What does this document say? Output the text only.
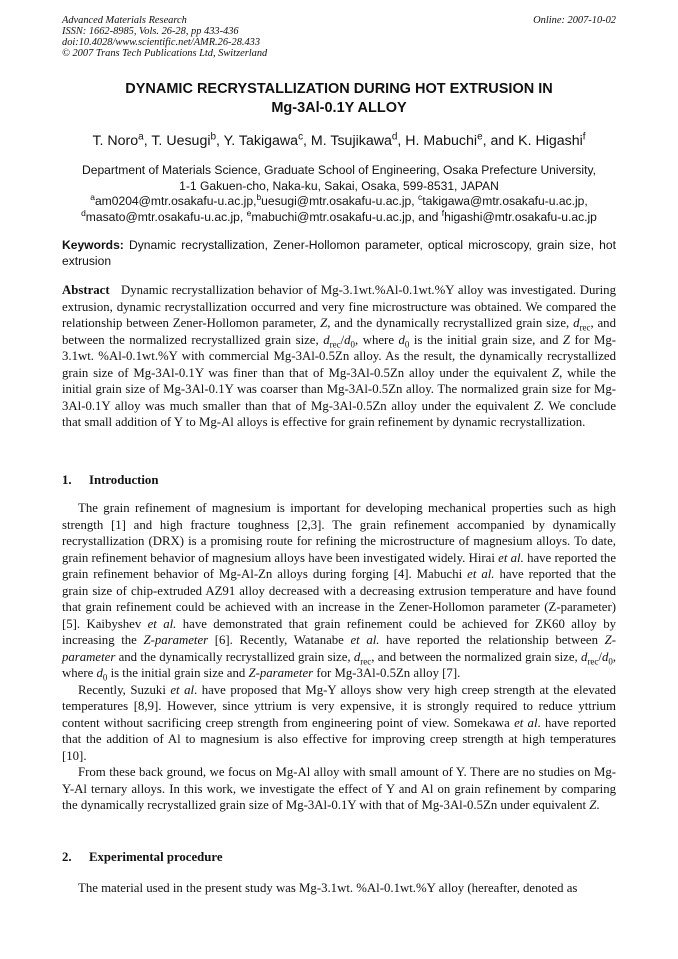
Advanced Materials Research
ISSN: 1662-8985, Vols. 26-28, pp 433-436
doi:10.4028/www.scientific.net/AMR.26-28.433
© 2007 Trans Tech Publications Ltd, Switzerland
Online: 2007-10-02
DYNAMIC RECRYSTALLIZATION DURING HOT EXTRUSION IN
Mg-3Al-0.1Y ALLOY
T. Noro$^a$, T. Uesugi$^b$, Y. Takigawa$^c$, M. Tsujikawa$^d$, H. Mabuchi$^e$, and K. Higashi$^f$
Department of Materials Science, Graduate School of Engineering, Osaka Prefecture University,
1-1 Gakuen-cho, Naka-ku, Sakai, Osaka, 599-8531, JAPAN
$^a$am0204@mtr.osakafu-u.ac.jp,$^b$uesugi@mtr.osakafu-u.ac.jp, $^c$takigawa@mtr.osakafu-u.ac.jp,
$^d$masato@mtr.osakafu-u.ac.jp, $^e$mabuchi@mtr.osakafu-u.ac.jp, and $^f$higashi@mtr.osakafu-u.ac.jp
Keywords: Dynamic recrystallization, Zener-Hollomon parameter, optical microscopy, grain size, hot extrusion
Abstract Dynamic recrystallization behavior of Mg-3.1wt.%Al-0.1wt.%Y alloy was investigated. During extrusion, dynamic recrystallization occurred and very fine microstructure was obtained. We compared the relationship between Zener-Hollomon parameter, Z, and the dynamically recrystallized grain size, $d_{rec}$, and between the normalized recrystallized grain size, $d_{rec}/d_0$, where $d_0$ is the initial grain size, and Z for Mg-3.1wt. %Al-0.1wt.%Y with commercial Mg-3Al-0.5Zn alloy. As the result, the dynamically recrystallized grain size of Mg-3Al-0.1Y was finer than that of Mg-3Al-0.5Zn alloy under the equivalent Z, while the initial grain size of Mg-3Al-0.1Y was coarser than Mg-3Al-0.5Zn alloy. The normalized grain size for Mg-3Al-0.1Y alloy was much smaller than that of Mg-3Al-0.5Zn alloy under the equivalent Z. We conclude that small addition of Y to Mg-Al alloys is effective for grain refinement by dynamic recrystallization.
1. Introduction

The grain refinement of magnesium is important for developing mechanical properties such as high strength [1] and high fracture toughness [2,3]. The grain refinement accompanied by dynamically recrystallization (DRX) is a promising route for refining the microstructure of magnesium alloys. To date, grain refinement behavior of magnesium alloys have been investigated widely. Hirai et al. have reported the grain refinement behavior of Mg-Al-Zn alloys during forging [4]. Mabuchi et al. have reported that the grain size of chip-extruded AZ91 alloy decreased with a decreasing extrusion temperature and have found that grain refinement could be achieved with an increase in the Zener-Hollomon parameter (Z-parameter) [5]. Kaibyshev et al. have demonstrated that grain refinement could be achieved for ZK60 alloy by increasing the Z-parameter [6]. Recently, Watanabe et al. have reported the relationship between Z-parameter and the dynamically recrystallized grain size, $d_{rec}$, and between the normalized grain size, $d_{rec}/d_0$, where $d_0$ is the initial grain size and Z-parameter for Mg-3Al-0.5Zn alloy [7].

Recently, Suzuki et al. have proposed that Mg-Y alloys show very high creep strength at the elevated temperatures [8,9]. However, since yttrium is very expensive, it is strongly required to reduce yttrium content without sacrificing creep strength from engineering point of view. Somekawa et al. have reported that the addition of Al to magnesium is also effective for improving creep strength at high temperatures [10].

From these back ground, we focus on Mg-Al alloy with small amount of Y. There are no studies on Mg-Y-Al ternary alloys. In this work, we investigate the effect of Y and Al on grain refinement by comparing the dynamically recrystallized grain size of Mg-3Al-0.1Y with that of Mg-3Al-0.5Zn under equivalent Z.

2. Experimental procedure

The material used in the present study was Mg-3.1wt. %Al-0.1wt.%Y alloy (hereafter, denoted as
